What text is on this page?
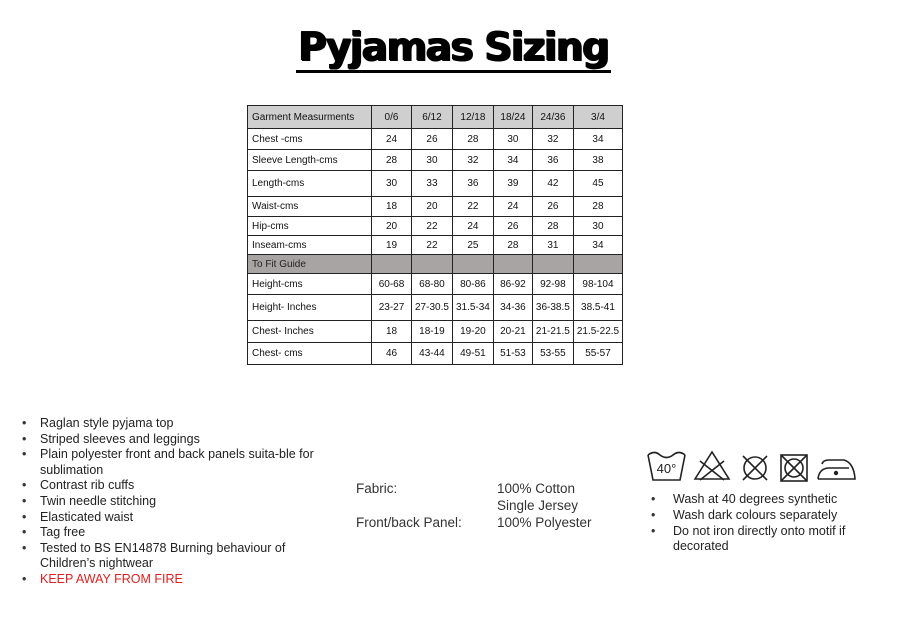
Pyjamas Sizing
Garment Measurments	0/6	6/12	12/18	18/24	24/36	3/4
Chest -cms	24	26	28	30	32	34
Sleeve Length-cms	28	30	32	34	36	38
Length-cms	30	33	36	39	42	45
Waist-cms	18	20	22	24	26	28
Hip-cms	20	22	24	26	28	30
Inseam-cms	19	22	25	28	31	34
To Fit Guide						
Height-cms	60-68	68-80	80-86	86-92	92-98	98-104
Height- Inches	23-27	27-30.5	31.5-34	34-36	36-38.5	38.5-41
Chest- Inches	18	18-19	19-20	20-21	21-21.5	21.5-22.5
Chest- cms	46	43-44	49-51	51-53	53-55	55-57
• Raglan style pyjama top
• Striped sleeves and leggings
• Plain polyester front and back panels suita-ble for sublimation
• Contrast rib cuffs
• Twin needle stitching
• Elasticated waist
• Tag free
• Tested to BS EN14878 Burning behaviour of Children’s nightwear
• KEEP AWAY FROM FIRE
Fabric:	100% Cotton
Single Jersey
Front/back Panel:	100% Polyester
40°
• Wash at 40 degrees synthetic
• Wash dark colours separately
• Do not iron directly onto motif if decorated
